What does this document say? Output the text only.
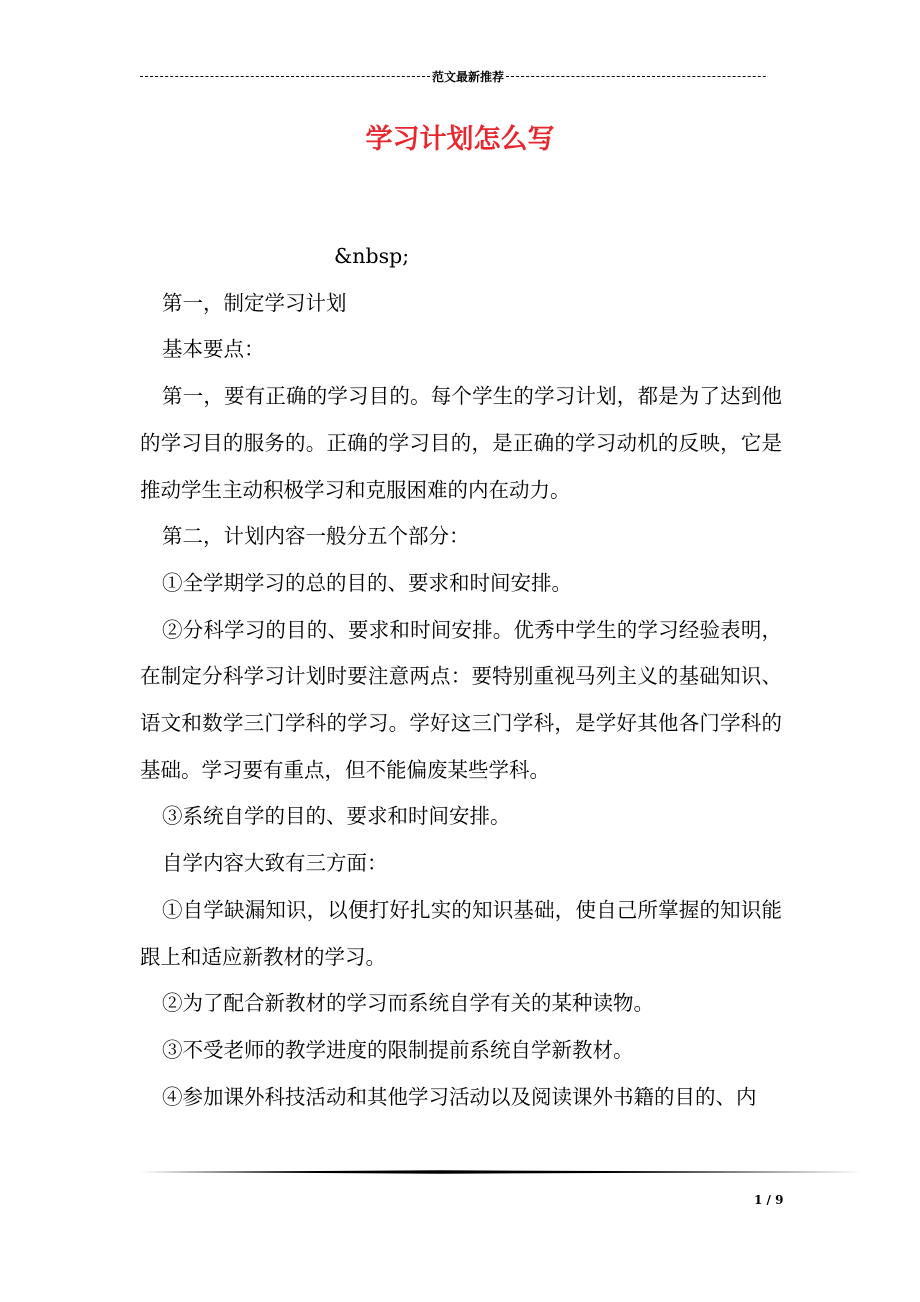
范文最新推荐
学习计划怎么写

&nbsp;

第一，制定学习计划

基本要点：

第一，要有正确的学习目的。每个学生的学习计划，都是为了达到他的学习目的服务的。正确的学习目的，是正确的学习动机的反映，它是推动学生主动积极学习和克服困难的内在动力。

第二，计划内容一般分五个部分：

①全学期学习的总的目的、要求和时间安排。

②分科学习的目的、要求和时间安排。优秀中学生的学习经验表明，在制定分科学习计划时要注意两点：要特别重视马列主义的基础知识、语文和数学三门学科的学习。学好这三门学科，是学好其他各门学科的基础。学习要有重点，但不能偏废某些学科。

③系统自学的目的、要求和时间安排。

自学内容大致有三方面：

①自学缺漏知识，以便打好扎实的知识基础，使自己所掌握的知识能跟上和适应新教材的学习。

②为了配合新教材的学习而系统自学有关的某种读物。

③不受老师的教学进度的限制提前系统自学新教材。

④参加课外科技活动和其他学习活动以及阅读课外书籍的目的、内

1 / 9
